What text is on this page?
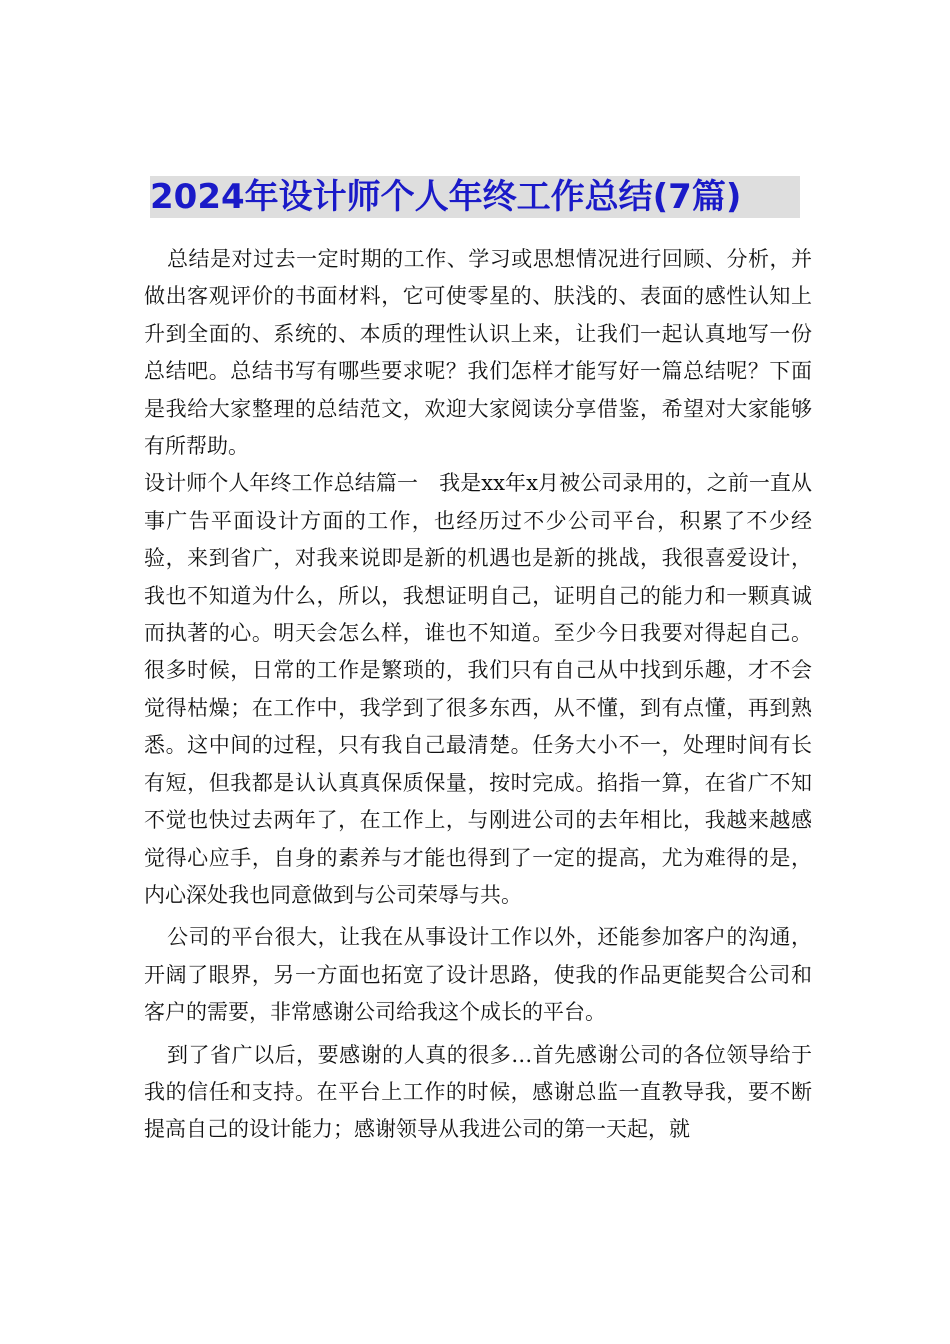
2024年设计师个人年终工作总结(7篇)

总结是对过去一定时期的工作、学习或思想情况进行回顾、分析，并做出客观评价的书面材料，它可使零星的、肤浅的、表面的感性认知上升到全面的、系统的、本质的理性认识上来，让我们一起认真地写一份总结吧。总结书写有哪些要求呢？我们怎样才能写好一篇总结呢？下面是我给大家整理的总结范文，欢迎大家阅读分享借鉴，希望对大家能够有所帮助。

设计师个人年终工作总结篇一　我是xx年x月被公司录用的，之前一直从事广告平面设计方面的工作，也经历过不少公司平台，积累了不少经验，来到省广，对我来说即是新的机遇也是新的挑战，我很喜爱设计，我也不知道为什么，所以，我想证明自己，证明自己的能力和一颗真诚而执著的心。明天会怎么样，谁也不知道。至少今日我要对得起自己。很多时候，日常的工作是繁琐的，我们只有自己从中找到乐趣，才不会觉得枯燥；在工作中，我学到了很多东西，从不懂，到有点懂，再到熟悉。这中间的过程，只有我自己最清楚。任务大小不一，处理时间有长有短，但我都是认认真真保质保量，按时完成。掐指一算，在省广不知不觉也快过去两年了，在工作上，与刚进公司的去年相比，我越来越感觉得心应手，自身的素养与才能也得到了一定的提高，尤为难得的是，内心深处我也同意做到与公司荣辱与共。

公司的平台很大，让我在从事设计工作以外，还能参加客户的沟通，开阔了眼界，另一方面也拓宽了设计思路，使我的作品更能契合公司和客户的需要，非常感谢公司给我这个成长的平台。

到了省广以后，要感谢的人真的很多…首先感谢公司的各位领导给于我的信任和支持。在平台上工作的时候，感谢总监一直教导我，要不断提高自己的设计能力；感谢领导从我进公司的第一天起，就
